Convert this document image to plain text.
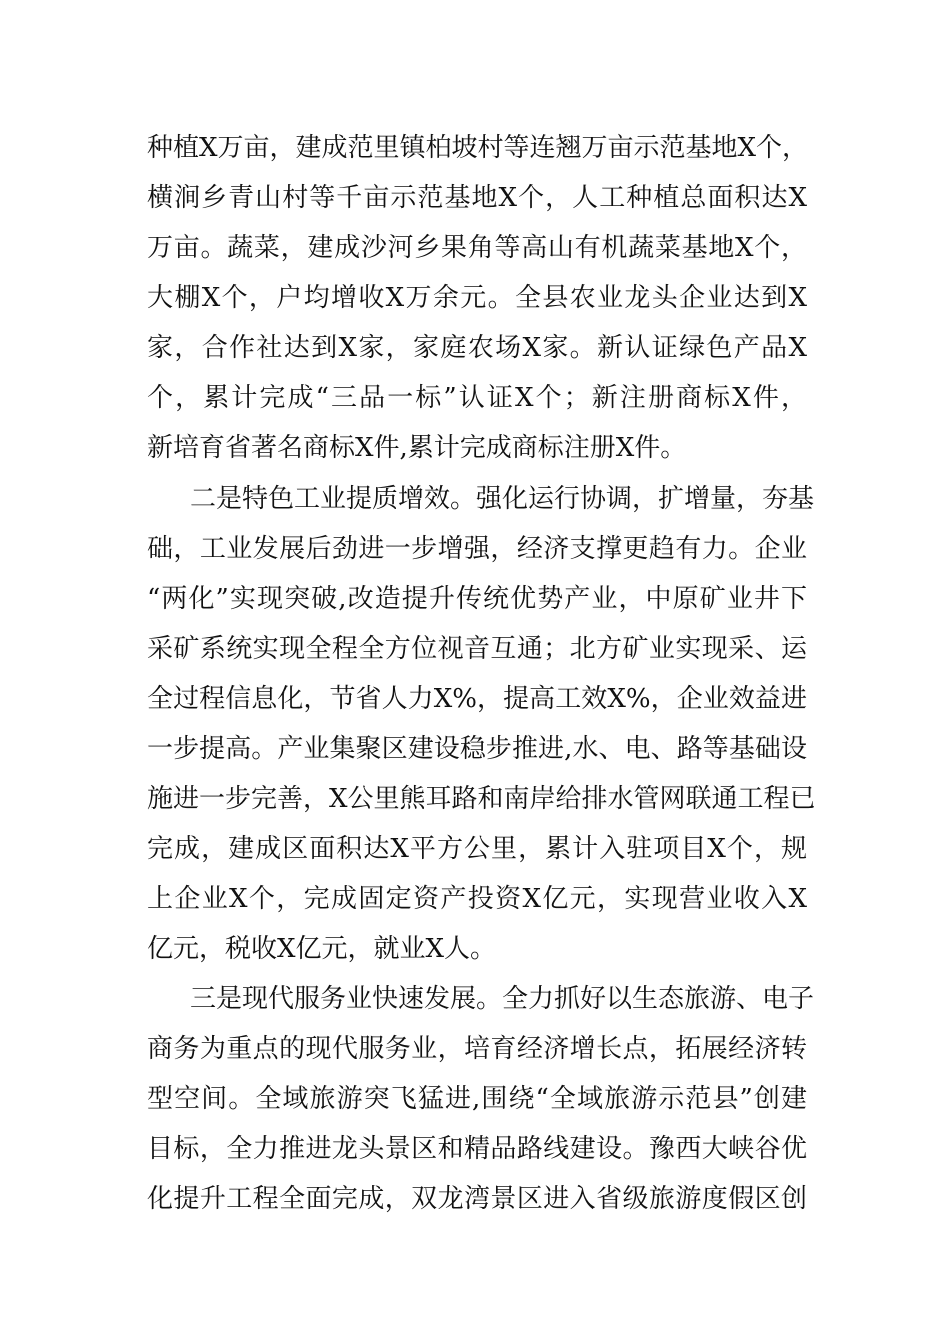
种植X万亩，建成范里镇柏坡村等连翘万亩示范基地X个，
横涧乡青山村等千亩示范基地X个，人工种植总面积达X
万亩。蔬菜，建成沙河乡果角等高山有机蔬菜基地X个，
大棚X个，户均增收X万余元。全县农业龙头企业达到X
家，合作社达到X家，家庭农场X家。新认证绿色产品X
个，累计完成“三品一标”认证X个；新注册商标X件，
新培育省著名商标X件,累计完成商标注册X件。
二是特色工业提质增效。强化运行协调，扩增量，夯基
础，工业发展后劲进一步增强，经济支撑更趋有力。企业
“两化”实现突破,改造提升传统优势产业，中原矿业井下
采矿系统实现全程全方位视音互通；北方矿业实现采、运
全过程信息化，节省人力X%，提高工效X%，企业效益进
一步提高。产业集聚区建设稳步推进,水、电、路等基础设
施进一步完善，X公里熊耳路和南岸给排水管网联通工程已
完成，建成区面积达X平方公里，累计入驻项目X个，规
上企业X个，完成固定资产投资X亿元，实现营业收入X
亿元，税收X亿元，就业X人。
三是现代服务业快速发展。全力抓好以生态旅游、电子
商务为重点的现代服务业，培育经济增长点，拓展经济转
型空间。全域旅游突飞猛进,围绕“全域旅游示范县”创建
目标，全力推进龙头景区和精品路线建设。豫西大峡谷优
化提升工程全面完成，双龙湾景区进入省级旅游度假区创
